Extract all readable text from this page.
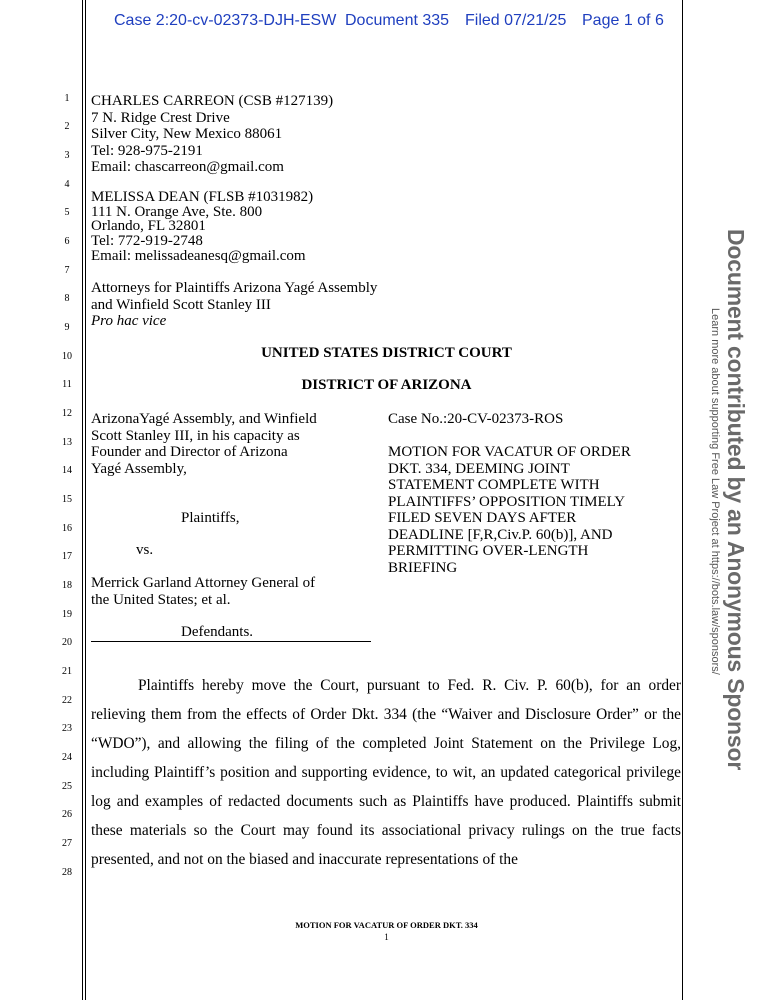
Case 2:20-cv-02373-DJH-ESW Document 335 Filed 07/21/25 Page 1 of 6
1
2
3
4
5
6
7
8
9
10
11
12
13
14
15
16
17
18
19
20
21
22
23
24
25
26
27
28
CHARLES CARREON (CSB #127139)
7 N. Ridge Crest Drive
Silver City, New Mexico 88061
Tel: 928-975-2191
Email: chascarreon@gmail.com
MELISSA DEAN (FLSB #1031982)
111 N. Orange Ave, Ste. 800
Orlando, FL 32801
Tel: 772-919-2748
Email: melissadeanesq@gmail.com
Attorneys for Plaintiffs Arizona Yagé Assembly
and Winfield Scott Stanley III
Pro hac vice
UNITED STATES DISTRICT COURT
DISTRICT OF ARIZONA
ArizonaYagé Assembly, and Winfield
Scott Stanley III, in his capacity as
Founder and Director of Arizona
Yagé Assembly,
Plaintiffs,
vs.
Merrick Garland Attorney General of
the United States; et al.
Defendants.
Case No.:20-CV-02373-ROS
MOTION FOR VACATUR OF ORDER
DKT. 334, DEEMING JOINT
STATEMENT COMPLETE WITH
PLAINTIFFS’ OPPOSITION TIMELY
FILED SEVEN DAYS AFTER
DEADLINE [F,R,Civ.P. 60(b)], AND
PERMITTING OVER-LENGTH
BRIEFING

Plaintiffs hereby move the Court, pursuant to Fed. R. Civ. P. 60(b), for an order relieving them from the effects of Order Dkt. 334 (the “Waiver and Disclosure Order” or the “WDO”), and allowing the filing of the completed Joint Statement on the Privilege Log, including Plaintiff’s position and supporting evidence, to wit, an updated categorical privilege log and examples of redacted documents such as Plaintiffs have produced. Plaintiffs submit these materials so the Court may found its associational privacy rulings on the true facts presented, and not on the biased and inaccurate representations of the

MOTION FOR VACATUR OF ORDER DKT. 334
1
Document contributed by an Anonymous Sponsor
Learn more about supporting Free Law Project at https://bots.law/sponsors/
